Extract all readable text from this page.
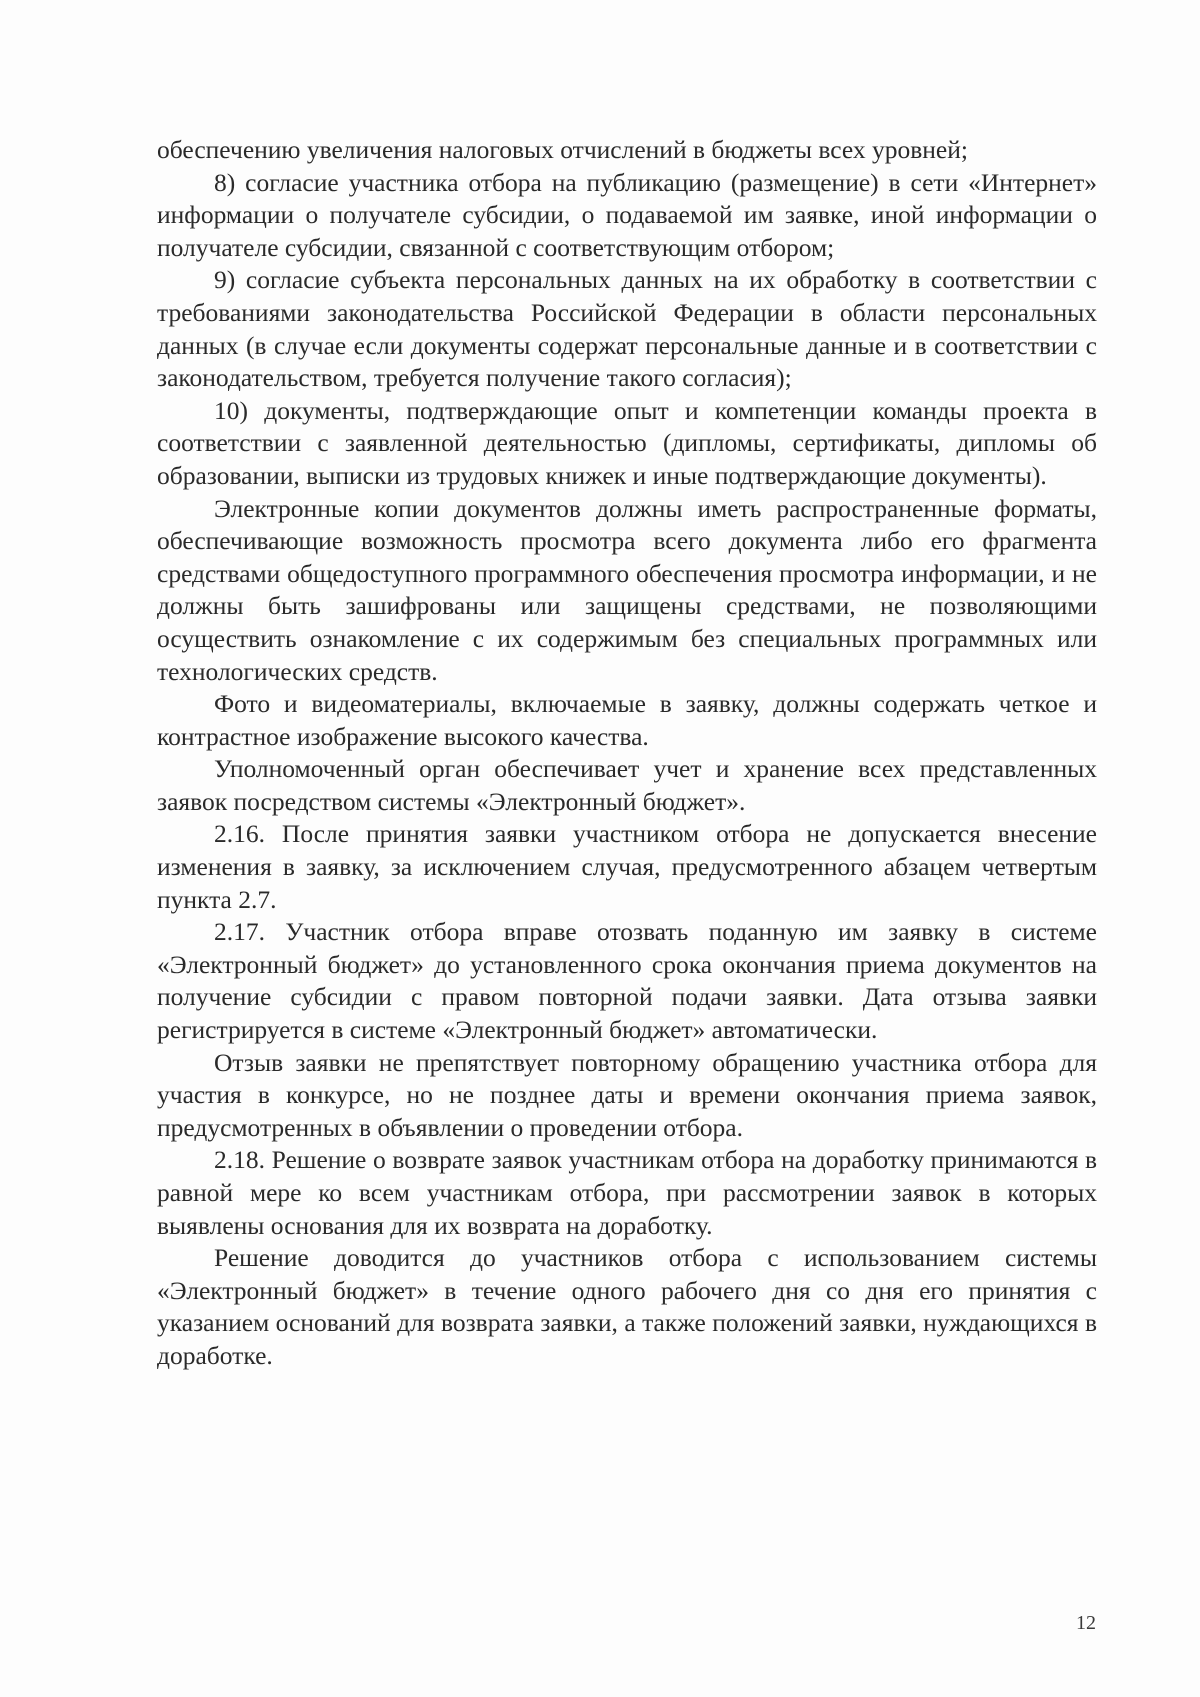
обеспечению увеличения налоговых отчислений в бюджеты всех уровней;

8) согласие участника отбора на публикацию (размещение) в сети «Интернет» информации о получателе субсидии, о подаваемой им заявке, иной информации о получателе субсидии, связанной с соответствующим отбором;

9) согласие субъекта персональных данных на их обработку в соответствии с требованиями законодательства Российской Федерации в области персональных данных (в случае если документы содержат персональные данные и в соответствии с законодательством, требуется получение такого согласия);

10) документы, подтверждающие опыт и компетенции команды проекта в соответствии с заявленной деятельностью (дипломы, сертификаты, дипломы об образовании, выписки из трудовых книжек и иные подтверждающие документы).

Электронные копии документов должны иметь распространенные форматы, обеспечивающие возможность просмотра всего документа либо его фрагмента средствами общедоступного программного обеспечения просмотра информации, и не должны быть зашифрованы или защищены средствами, не позволяющими осуществить ознакомление с их содержимым без специальных программных или технологических средств.

Фото и видеоматериалы, включаемые в заявку, должны содержать четкое и контрастное изображение высокого качества.

Уполномоченный орган обеспечивает учет и хранение всех представленных заявок посредством системы «Электронный бюджет».

2.16. После принятия заявки участником отбора не допускается внесение изменения в заявку, за исключением случая, предусмотренного абзацем четвертым пункта 2.7.

2.17. Участник отбора вправе отозвать поданную им заявку в системе «Электронный бюджет» до установленного срока окончания приема документов на получение субсидии с правом повторной подачи заявки. Дата отзыва заявки регистрируется в системе «Электронный бюджет» автоматически.

Отзыв заявки не препятствует повторному обращению участника отбора для участия в конкурсе, но не позднее даты и времени окончания приема заявок, предусмотренных в объявлении о проведении отбора.

2.18. Решение о возврате заявок участникам отбора на доработку принимаются в равной мере ко всем участникам отбора, при рассмотрении заявок в которых выявлены основания для их возврата на доработку.

Решение доводится до участников отбора с использованием системы «Электронный бюджет» в течение одного рабочего дня со дня его принятия с указанием оснований для возврата заявки, а также положений заявки, нуждающихся в доработке.

12
